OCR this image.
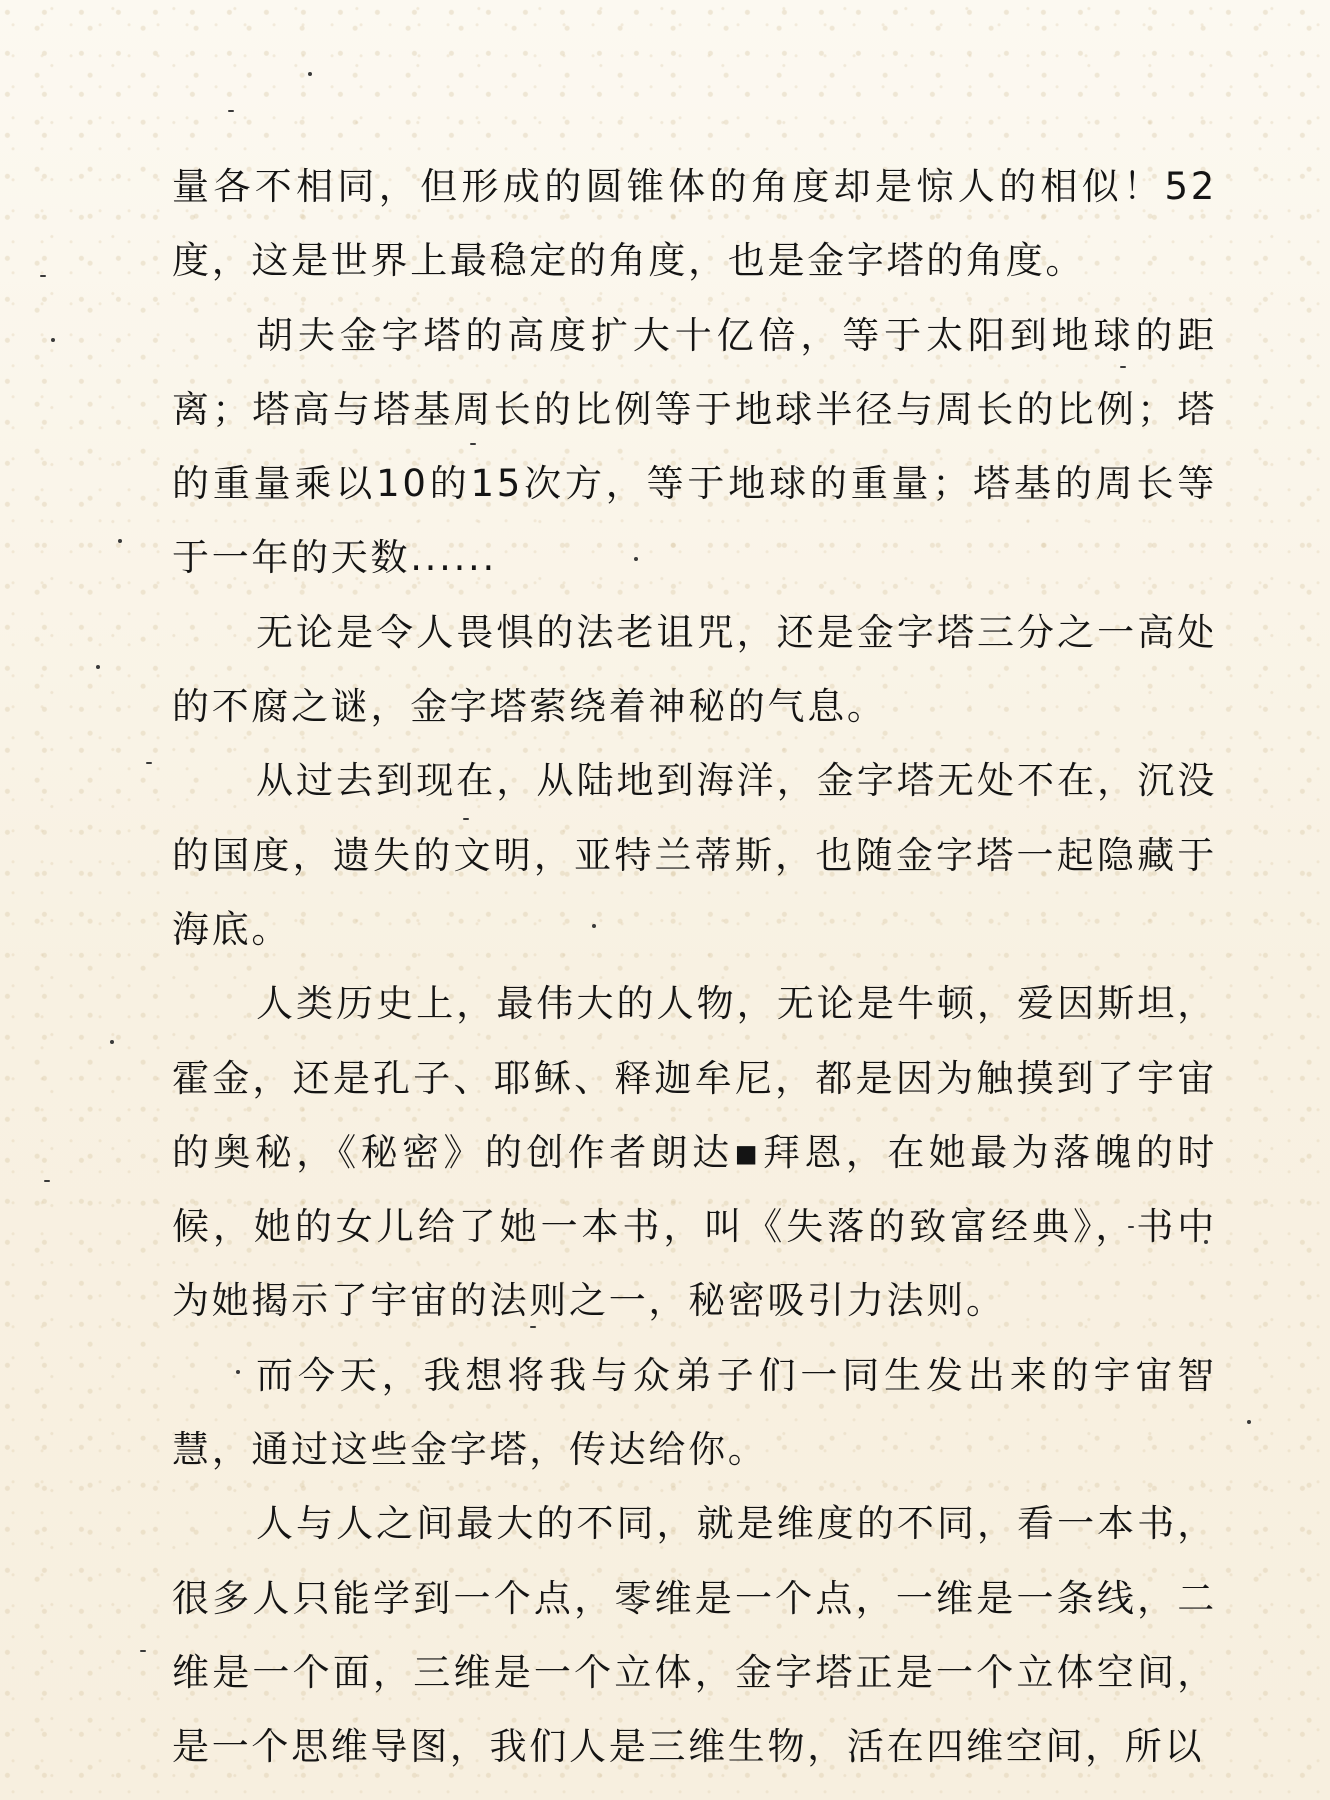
量各不相同，但形成的圆锥体的角度却是惊人的相似！52度，这是世界上最稳定的角度，也是金字塔的角度。

胡夫金字塔的高度扩大十亿倍，等于太阳到地球的距离；塔高与塔基周长的比例等于地球半径与周长的比例；塔的重量乘以10的15次方，等于地球的重量；塔基的周长等于一年的天数......

无论是令人畏惧的法老诅咒，还是金字塔三分之一高处的不腐之谜，金字塔萦绕着神秘的气息。

从过去到现在，从陆地到海洋，金字塔无处不在，沉没的国度，遗失的文明，亚特兰蒂斯，也随金字塔一起隐藏于海底。

人类历史上，最伟大的人物，无论是牛顿，爱因斯坦，霍金，还是孔子、耶稣、释迦牟尼，都是因为触摸到了宇宙的奥秘，《秘密》的创作者朗达▪拜恩，在她最为落魄的时候，她的女儿给了她一本书，叫《失落的致富经典》，书中为她揭示了宇宙的法则之一，秘密吸引力法则。

而今天，我想将我与众弟子们一同生发出来的宇宙智慧，通过这些金字塔，传达给你。

人与人之间最大的不同，就是维度的不同，看一本书，很多人只能学到一个点，零维是一个点，一维是一条线，二维是一个面，三维是一个立体，金字塔正是一个立体空间，是一个思维导图，我们人是三维生物，活在四维空间，所以
